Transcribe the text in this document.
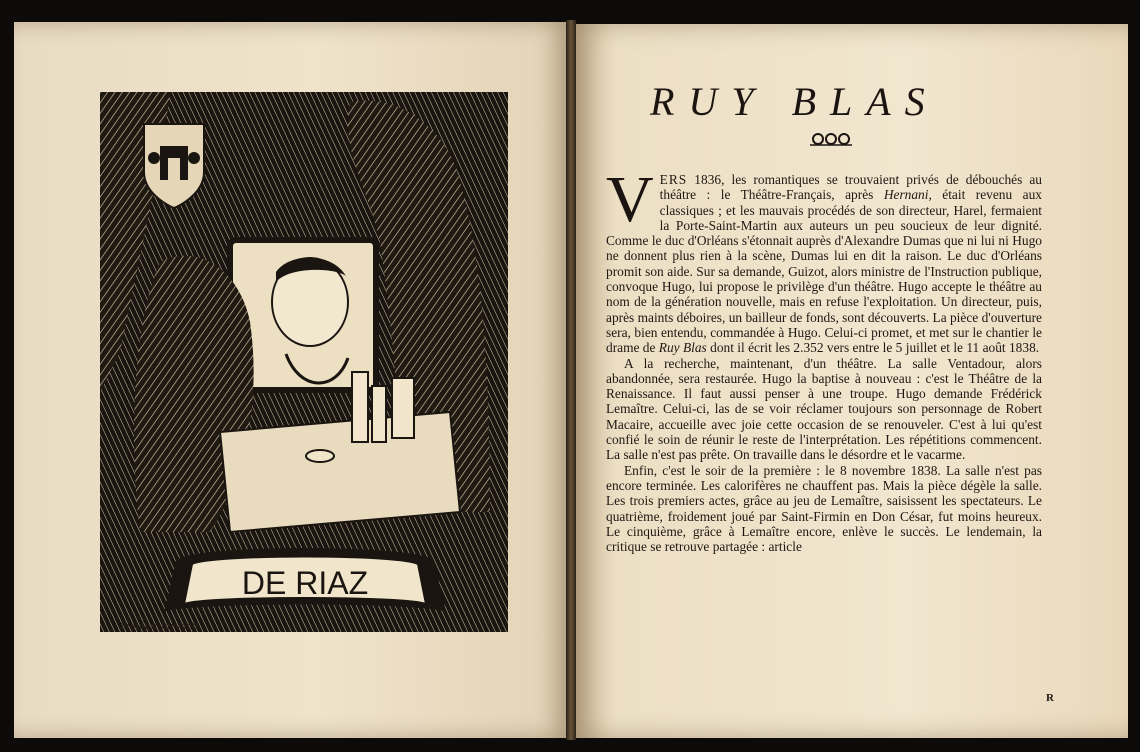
DE RIAZ
Siméon Jarvach
RUY BLAS

VERS 1836, les romantiques se trouvaient privés de débouchés au théâtre : le Théâtre-Français, après Hernani, était revenu aux classiques ; et les mauvais procédés de son directeur, Harel, fermaient la Porte-Saint-Martin aux auteurs un peu soucieux de leur dignité. Comme le duc d'Orléans s'étonnait auprès d'Alexandre Dumas que ni lui ni Hugo ne donnent plus rien à la scène, Dumas lui en dit la raison. Le duc d'Orléans promit son aide. Sur sa demande, Guizot, alors ministre de l'Instruction publique, convoque Hugo, lui propose le privilège d'un théâtre. Hugo accepte le théâtre au nom de la génération nouvelle, mais en refuse l'exploitation. Un directeur, puis, après maints déboires, un bailleur de fonds, sont découverts. La pièce d'ouverture sera, bien entendu, commandée à Hugo. Celui-ci promet, et met sur le chantier le drame de Ruy Blas dont il écrit les 2.352 vers entre le 5 juillet et le 11 août 1838.

A la recherche, maintenant, d'un théâtre. La salle Ventadour, alors abandonnée, sera restaurée. Hugo la baptise à nouveau : c'est le Théâtre de la Renaissance. Il faut aussi penser à une troupe. Hugo demande Frédérick Lemaître. Celui-ci, las de se voir réclamer toujours son personnage de Robert Macaire, accueille avec joie cette occasion de se renouveler. C'est à lui qu'est confié le soin de réunir le reste de l'interprétation. Les répétitions commencent. La salle n'est pas prête. On travaille dans le désordre et le vacarme.

Enfin, c'est le soir de la première : le 8 novembre 1838. La salle n'est pas encore terminée. Les calorifères ne chauffent pas. Mais la pièce dégèle la salle. Les trois premiers actes, grâce au jeu de Lemaître, saisissent les spectateurs. Le quatrième, froidement joué par Saint-Firmin en Don César, fut moins heureux. Le cinquième, grâce à Lemaître encore, enlève le succès. Le lendemain, la critique se retrouve partagée : article

R
